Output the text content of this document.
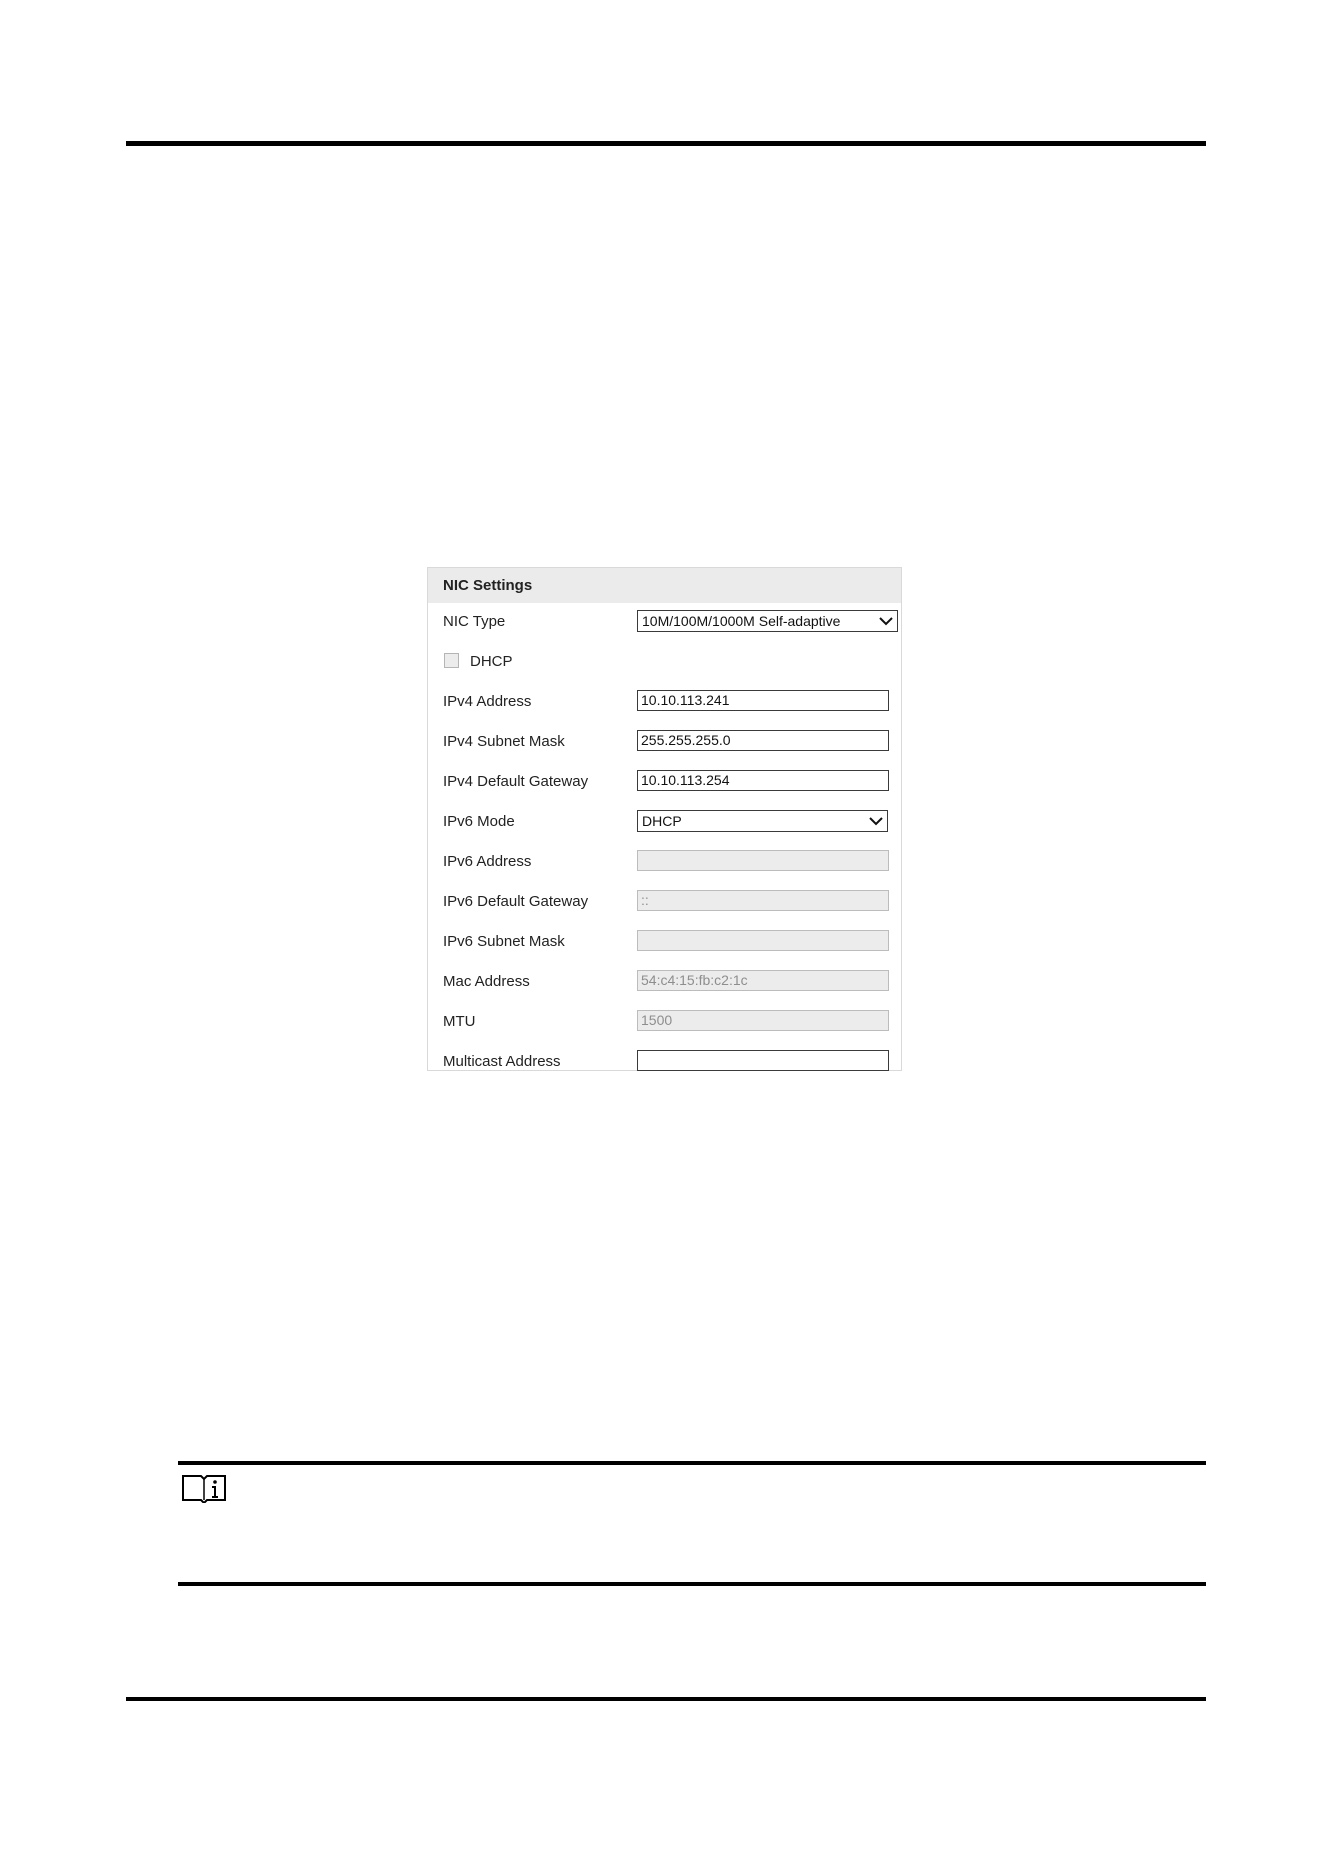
NIC Settings
NIC Type	10M/100M/1000M Self-adaptive
DHCP
IPv4 Address	10.10.113.241
IPv4 Subnet Mask	255.255.255.0
IPv4 Default Gateway	10.10.113.254
IPv6 Mode	DHCP
IPv6 Address
IPv6 Default Gateway	::
IPv6 Subnet Mask
Mac Address	54:c4:15:fb:c2:1c
MTU	1500
Multicast Address
